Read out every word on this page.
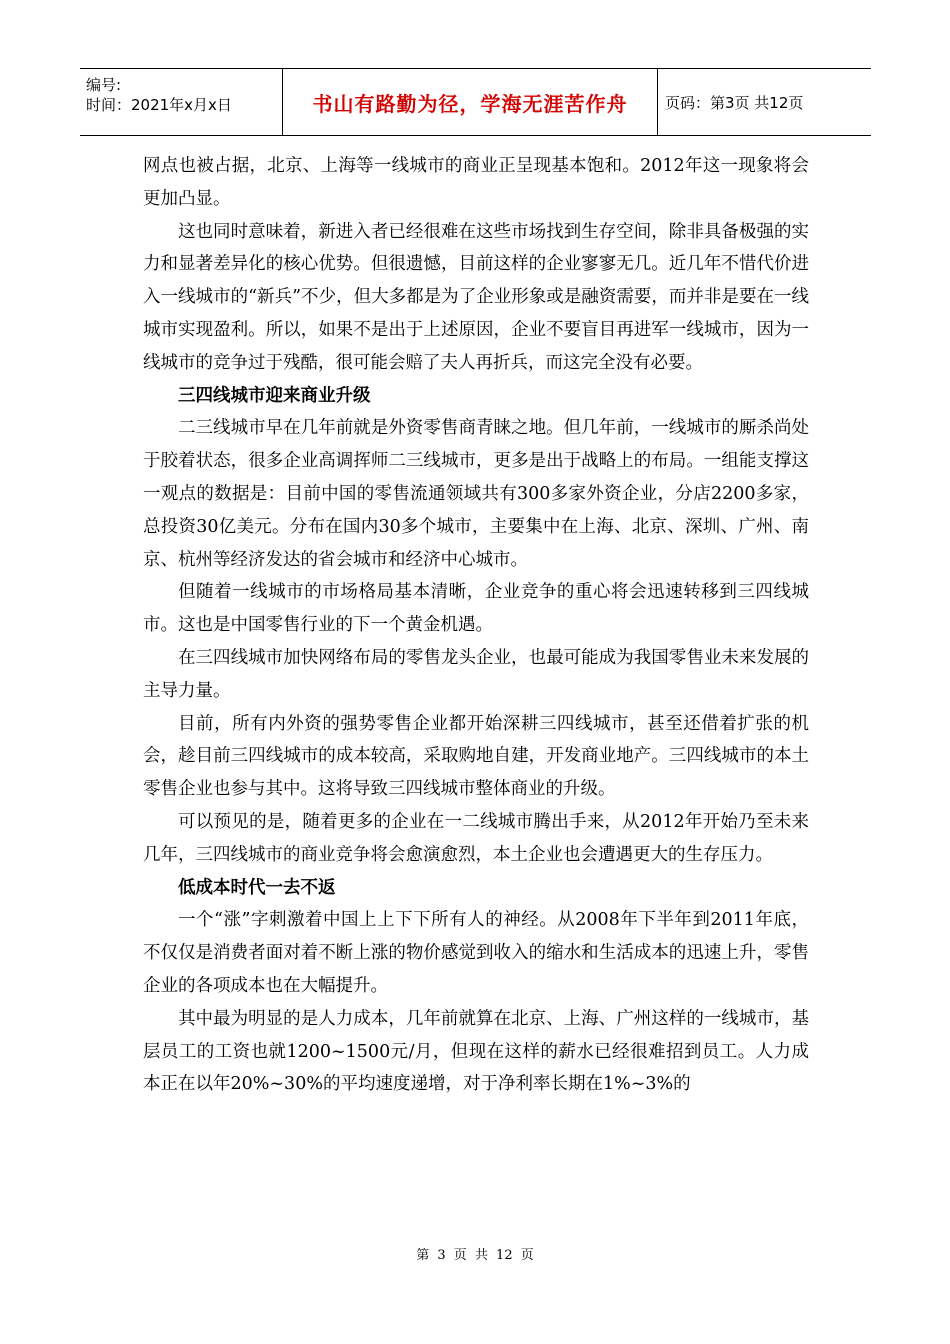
编号:
时间：2021年x月x日	书山有路勤为径，学海无涯苦作舟	页码：第3页 共12页

网点也被占据，北京、上海等一线城市的商业正呈现基本饱和。2012年这一现象将会更加凸显。

这也同时意味着，新进入者已经很难在这些市场找到生存空间，除非具备极强的实力和显著差异化的核心优势。但很遗憾，目前这样的企业寥寥无几。近几年不惜代价进入一线城市的“新兵”不少，但大多都是为了企业形象或是融资需要，而并非是要在一线城市实现盈利。所以，如果不是出于上述原因，企业不要盲目再进军一线城市，因为一线城市的竞争过于残酷，很可能会赔了夫人再折兵，而这完全没有必要。

三四线城市迎来商业升级

二三线城市早在几年前就是外资零售商青睐之地。但几年前，一线城市的厮杀尚处于胶着状态，很多企业高调挥师二三线城市，更多是出于战略上的布局。一组能支撑这一观点的数据是：目前中国的零售流通领域共有300多家外资企业，分店2200多家，总投资30亿美元。分布在国内30多个城市，主要集中在上海、北京、深圳、广州、南京、杭州等经济发达的省会城市和经济中心城市。

但随着一线城市的市场格局基本清晰，企业竞争的重心将会迅速转移到三四线城市。这也是中国零售行业的下一个黄金机遇。

在三四线城市加快网络布局的零售龙头企业，也最可能成为我国零售业未来发展的主导力量。

目前，所有内外资的强势零售企业都开始深耕三四线城市，甚至还借着扩张的机会，趁目前三四线城市的成本较高，采取购地自建，开发商业地产。三四线城市的本土零售企业也参与其中。这将导致三四线城市整体商业的升级。

可以预见的是，随着更多的企业在一二线城市腾出手来，从2012年开始乃至未来几年，三四线城市的商业竞争将会愈演愈烈，本土企业也会遭遇更大的生存压力。

低成本时代一去不返

一个“涨”字刺激着中国上上下下所有人的神经。从2008年下半年到2011年底，不仅仅是消费者面对着不断上涨的物价感觉到收入的缩水和生活成本的迅速上升，零售企业的各项成本也在大幅提升。

其中最为明显的是人力成本，几年前就算在北京、上海、广州这样的一线城市，基层员工的工资也就1200~1500元/月，但现在这样的薪水已经很难招到员工。人力成本正在以年20%~30%的平均速度递增，对于净利率长期在1%~3%的

第 3 页 共 12 页
